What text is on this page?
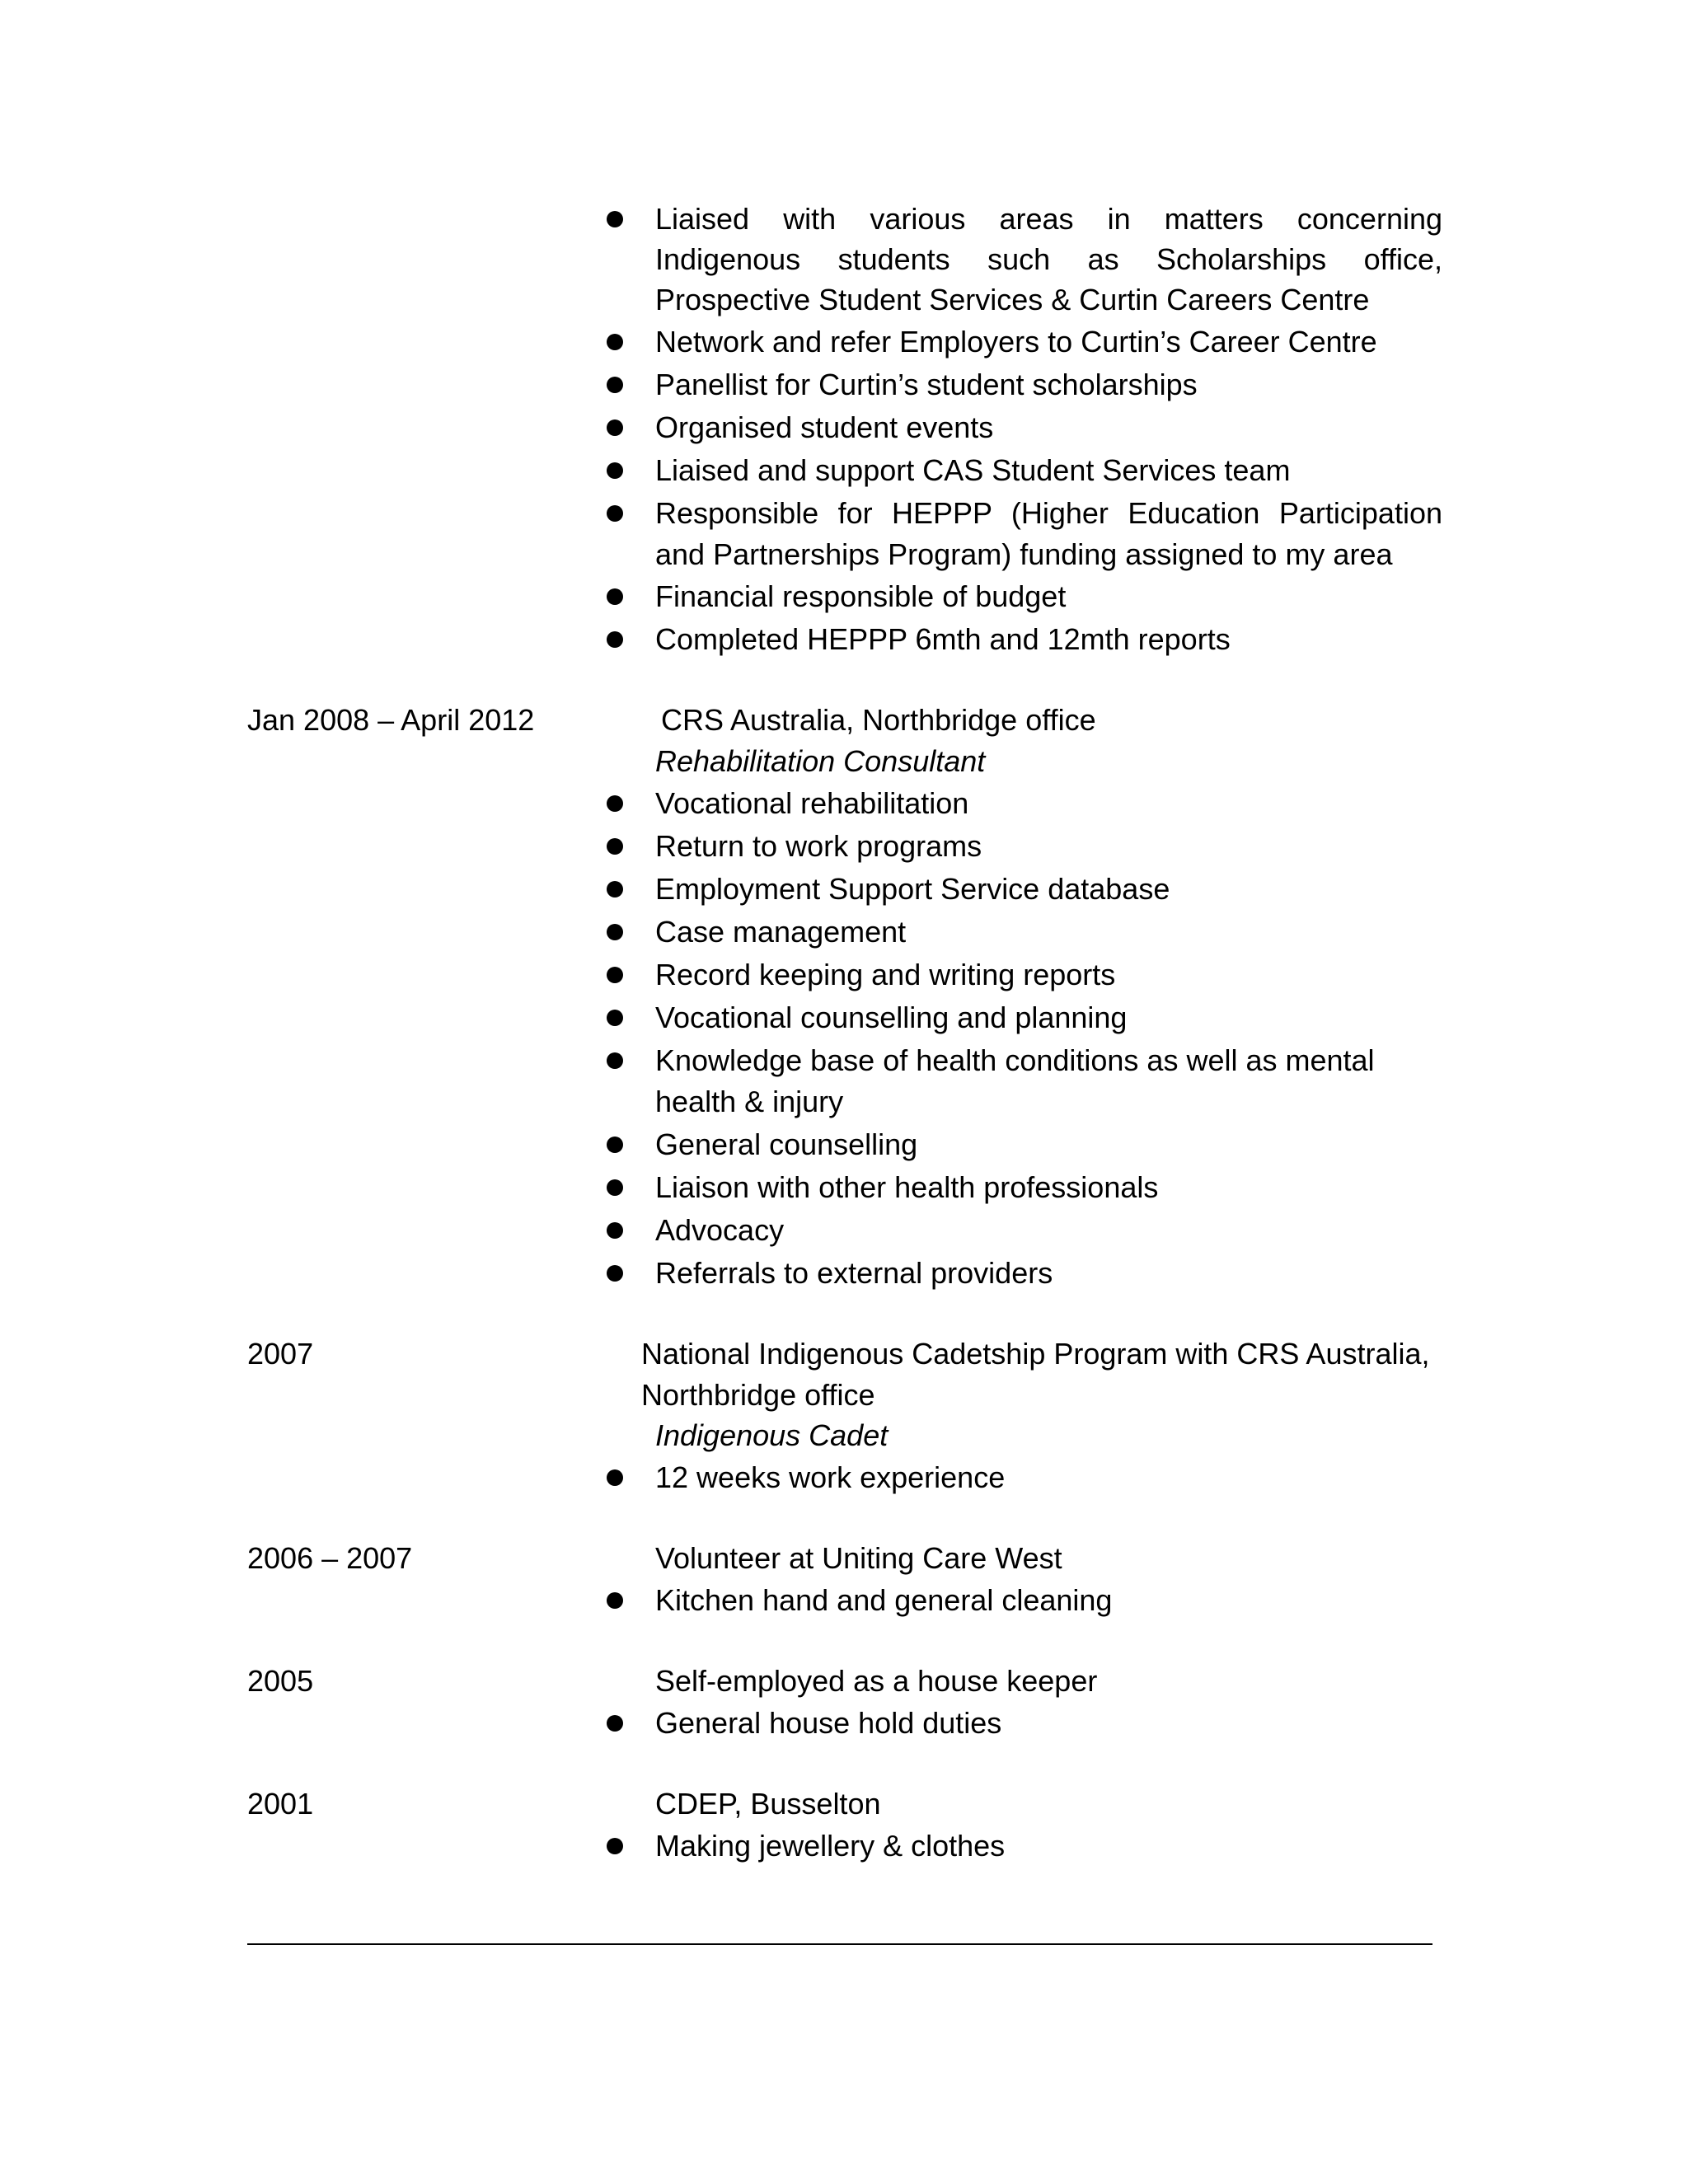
Liaised with various areas in matters concerning
Indigenous students such as Scholarships office,
Prospective Student Services & Curtin Careers Centre
Network and refer Employers to Curtin’s Career Centre
Panellist for Curtin’s student scholarships
Organised student events
Liaised and support CAS Student Services team
Responsible for HEPPP (Higher Education Participation
and Partnerships Program) funding assigned to my area
Financial responsible of budget
Completed HEPPP 6mth and 12mth reports
Jan 2008 – April 2012	CRS Australia, Northbridge office
Rehabilitation Consultant
Vocational rehabilitation
Return to work programs
Employment Support Service database
Case management
Record keeping and writing reports
Vocational counselling and planning
Knowledge base of health conditions as well as mental
health & injury
General counselling
Liaison with other health professionals
Advocacy
Referrals to external providers
2007	National Indigenous Cadetship Program with CRS Australia,
Northbridge office
Indigenous Cadet
12 weeks work experience
2006 – 2007	Volunteer at Uniting Care West
Kitchen hand and general cleaning
2005	Self-employed as a house keeper
General house hold duties
2001	CDEP, Busselton
Making jewellery & clothes
